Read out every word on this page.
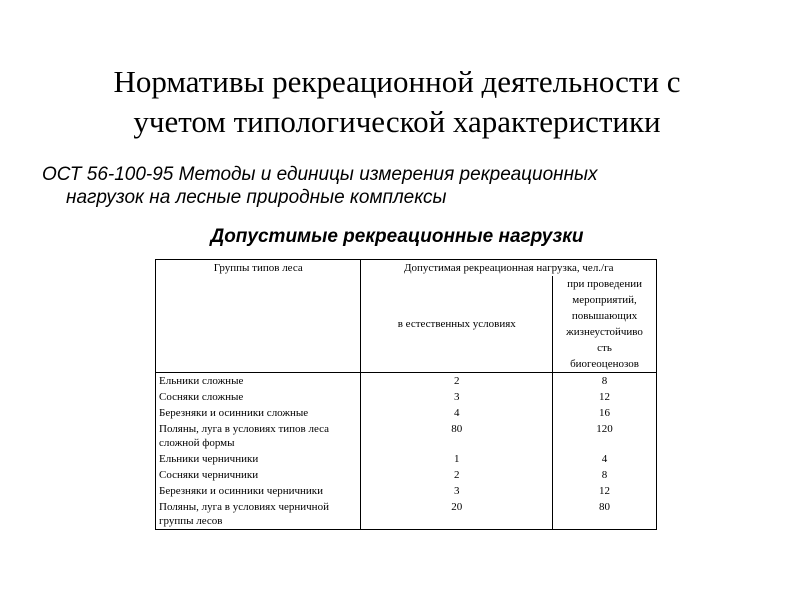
Нормативы рекреационной деятельности с
учетом типологической характеристики
ОСТ 56-100-95 Методы и единицы измерения рекреационных
нагрузок на лесные природные комплексы
Допустимые рекреационные нагрузки
Группы типов леса	Допустимая рекреационная нагрузка, чел./га	
	в естественных условиях	при проведении
		мероприятий,
		повышающих
		жизнеустойчиво
		сть
		биогеоценозов
Ельники сложные	2	8
Сосняки сложные	3	12
Березняки и осинники сложные	4	16

Поляны, луга в условиях типов леса
сложной формы	80	120
Ельники черничники	1	4
Сосняки черничники	2	8
Березняки и осинники черничники	3	12

Поляны, луга в условиях черничной
группы лесов	20	80
